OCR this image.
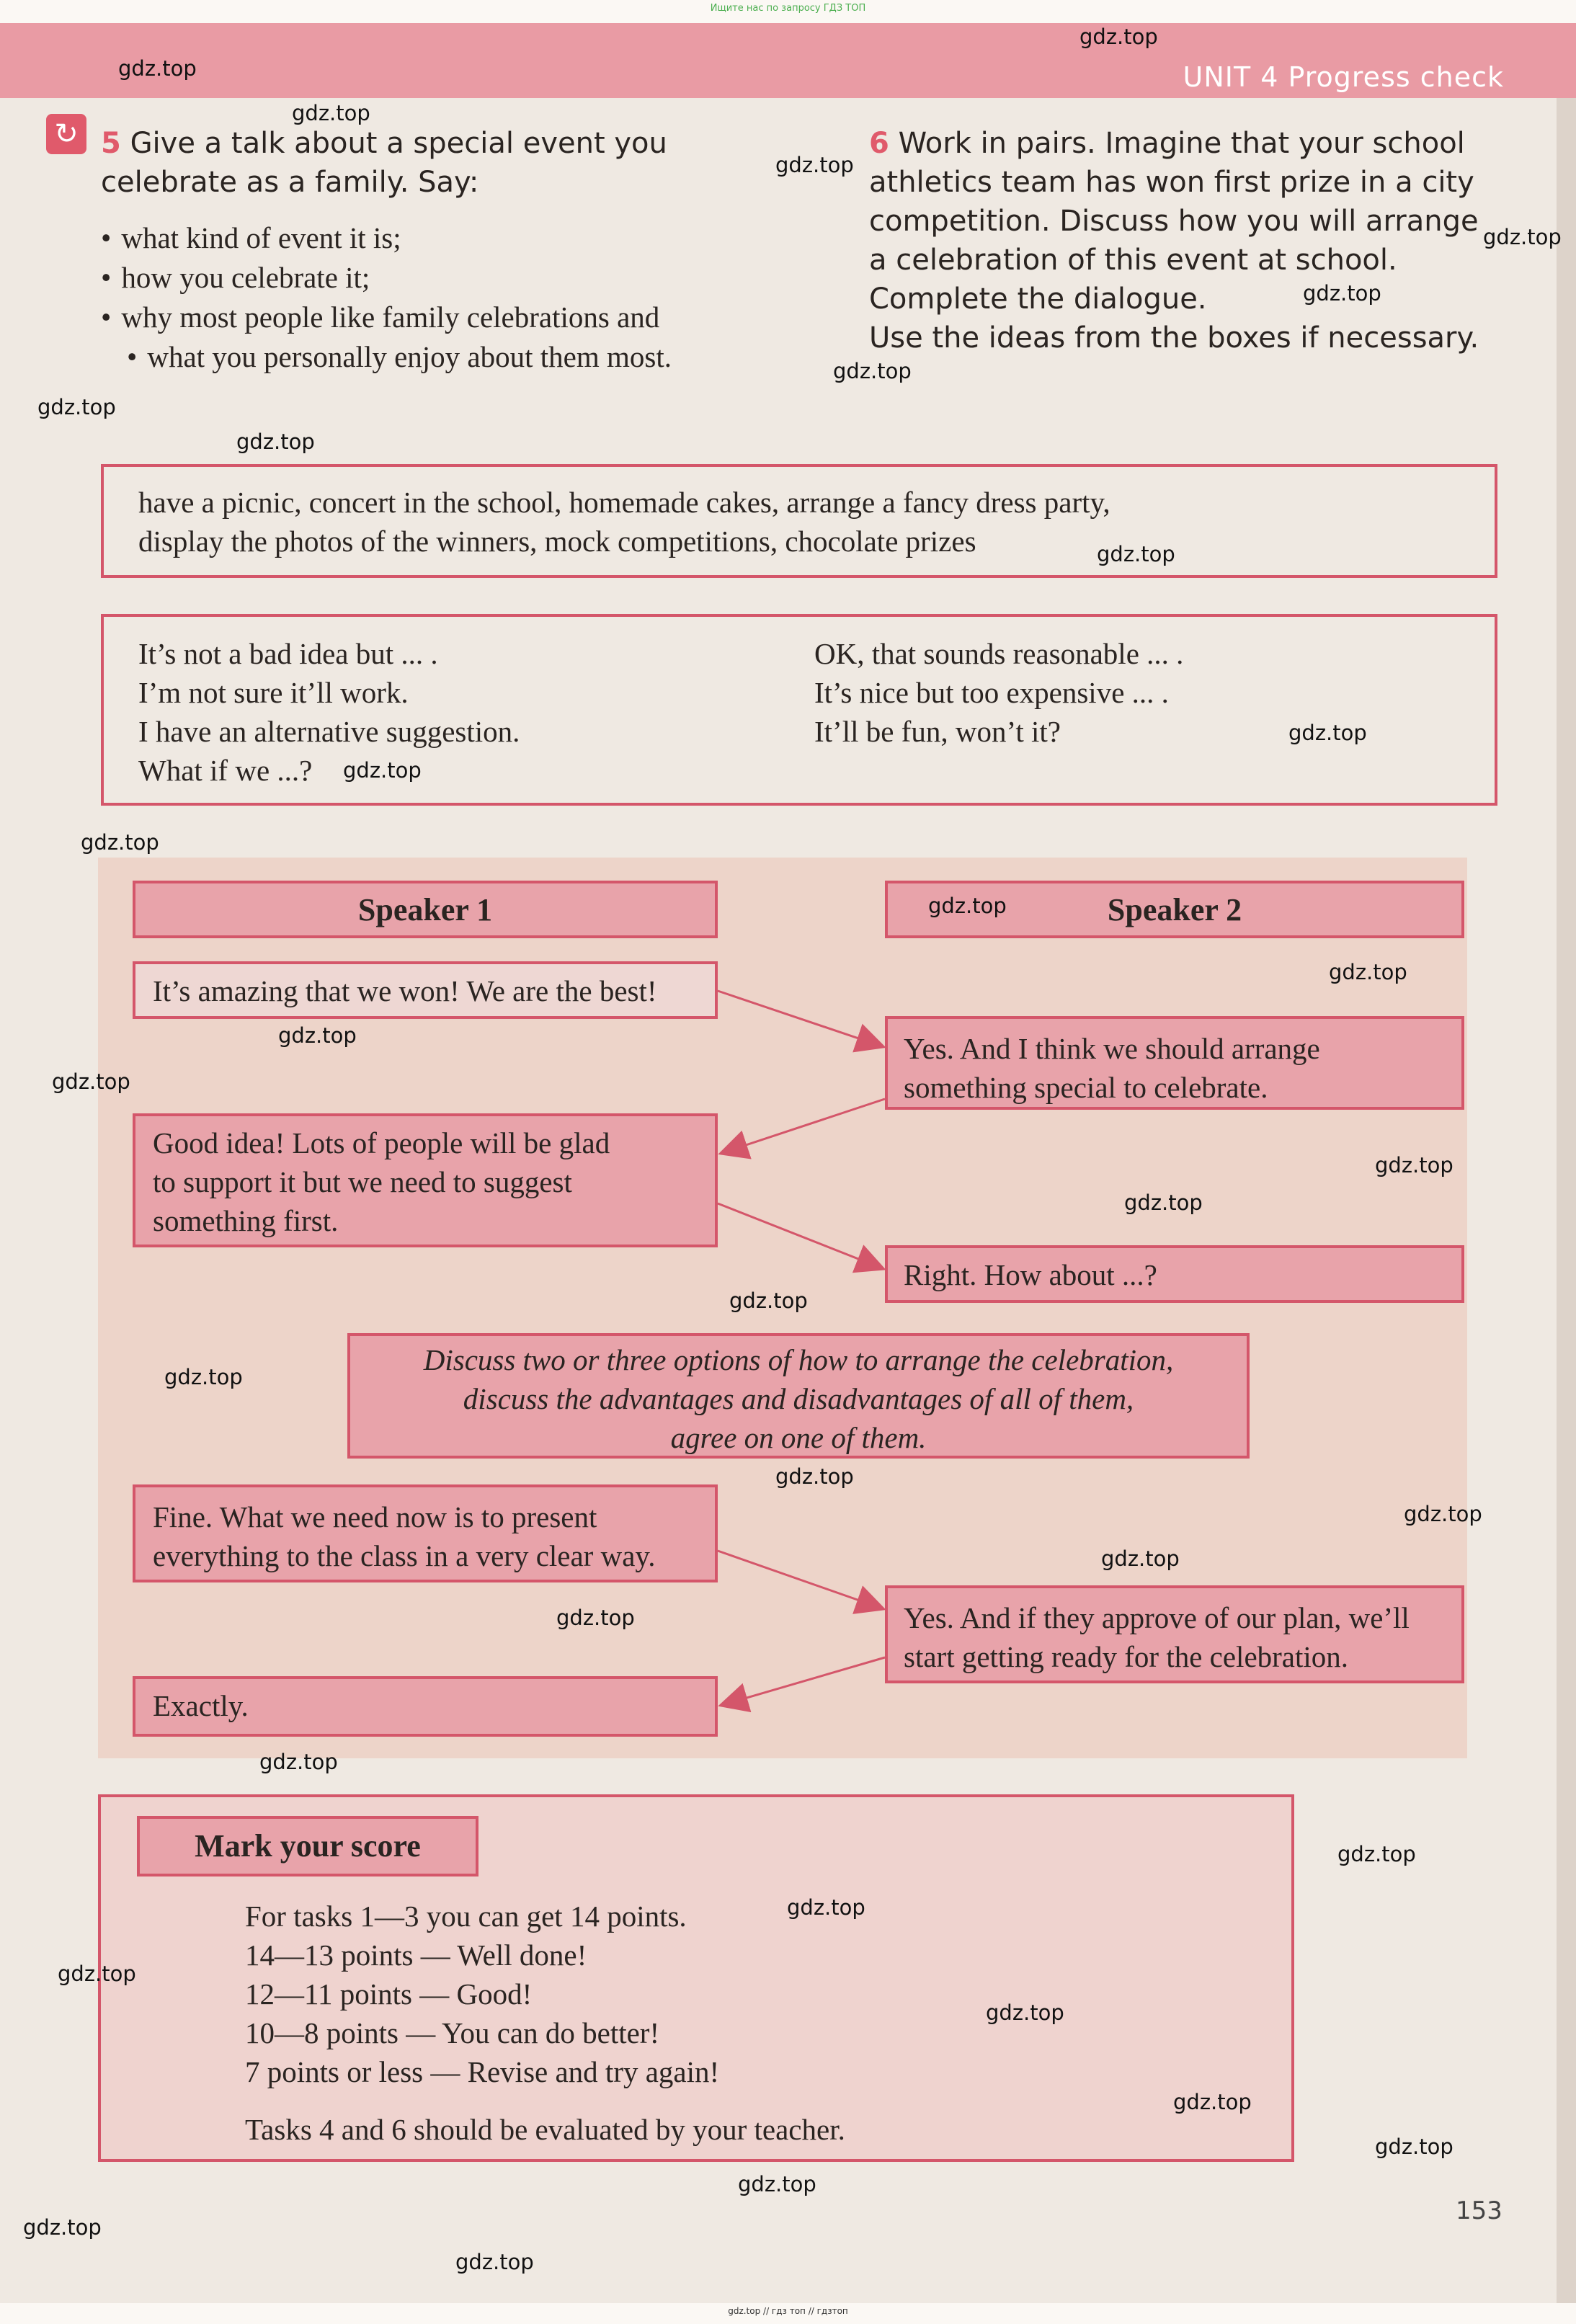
Ищите нас по запросу ГДЗ ТОП
UNIT 4 Progress check
↻ 5 Give a talk about a special event you
celebrate as a family. Say:
• what kind of event it is;
• how you celebrate it;
• why most people like family celebrations and
• what you personally enjoy about them most.
6 Work in pairs. Imagine that your school
athletics team has won first prize in a city
competition. Discuss how you will arrange
a celebration of this event at school.
Complete the dialogue.
Use the ideas from the boxes if necessary.
have a picnic, concert in the school, homemade cakes, arrange a fancy dress party,
display the photos of the winners, mock competitions, chocolate prizes
It’s not a bad idea but ... .
I’m not sure it’ll work.
I have an alternative suggestion.
What if we ...?
OK, that sounds reasonable ... .
It’s nice but too expensive ... .
It’ll be fun, won’t it?
Speaker 1	Speaker 2
It’s amazing that we won! We are the best!
Yes. And I think we should arrange
something special to celebrate.
Good idea! Lots of people will be glad
to support it but we need to suggest
something first.
Right. How about ...?
Discuss two or three options of how to arrange the celebration,
discuss the advantages and disadvantages of all of them,
agree on one of them.
Fine. What we need now is to present
everything to the class in a very clear way.
Yes. And if they approve of our plan, we’ll
start getting ready for the celebration.
Exactly.
Mark your score
For tasks 1—3 you can get 14 points.
14—13 points — Well done!
12—11 points — Good!
10—8 points — You can do better!
7 points or less — Revise and try again!
Tasks 4 and 6 should be evaluated by your teacher.
153
gdz.top
gdz.top
gdz.top
gdz.top
gdz.top
gdz.top
gdz.top
gdz.top
gdz.top
gdz.top
gdz.top
gdz.top
gdz.top
gdz.top
gdz.top
gdz.top
gdz.top
gdz.top
gdz.top
gdz.top
gdz.top
gdz.top
gdz.top
gdz.top
gdz.top
gdz.top
gdz.top
gdz.top
gdz.top
gdz.top
gdz.top
gdz.top
gdz.top
gdz.top
gdz.top
gdz.top // гдз топ // гдзтоп
